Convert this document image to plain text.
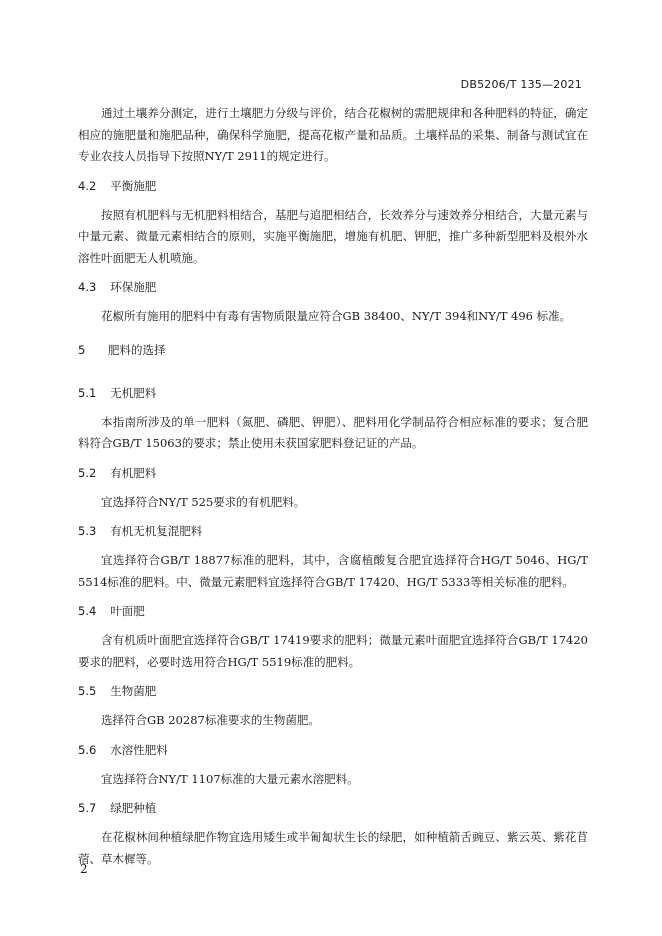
DB5206/T 135—2021

通过土壤养分测定，进行土壤肥力分级与评价，结合花椒树的需肥规律和各种肥料的特征，确定相应的施肥量和施肥品种，确保科学施肥，提高花椒产量和品质。土壤样品的采集、制备与测试宜在专业农技人员指导下按照NY/T 2911的规定进行。

4.2 平衡施肥

按照有机肥料与无机肥料相结合，基肥与追肥相结合，长效养分与速效养分相结合，大量元素与中量元素、微量元素相结合的原则，实施平衡施肥，增施有机肥、钾肥，推广多种新型肥料及根外水溶性叶面肥无人机喷施。

4.3 环保施肥

花椒所有施用的肥料中有毒有害物质限量应符合GB 38400、NY/T 394和NY/T 496 标准。

5	肥料的选择
5.1 无机肥料

本指南所涉及的单一肥料（氮肥、磷肥、钾肥）、肥料用化学制品符合相应标准的要求；复合肥料符合GB/T 15063的要求；禁止使用未获国家肥料登记证的产品。

5.2 有机肥料

宜选择符合NY/T 525要求的有机肥料。

5.3 有机无机复混肥料

宜选择符合GB/T 18877标准的肥料，其中，含腐植酸复合肥宜选择符合HG/T 5046、HG/T 5514标准的肥料。中、微量元素肥料宜选择符合GB/T 17420、HG/T 5333等相关标准的肥料。

5.4 叶面肥

含有机质叶面肥宜选择符合GB/T 17419要求的肥料；微量元素叶面肥宜选择符合GB/T 17420要求的肥料，必要时选用符合HG/T 5519标准的肥料。

5.5 生物菌肥

选择符合GB 20287标准要求的生物菌肥。

5.6 水溶性肥料

宜选择符合NY/T 1107标准的大量元素水溶肥料。

5.7 绿肥种植

在花椒林间种植绿肥作物宜选用矮生或半匍匐状生长的绿肥，如种植箭舌豌豆、紫云英、紫花苜蓿、草木樨等。

2
